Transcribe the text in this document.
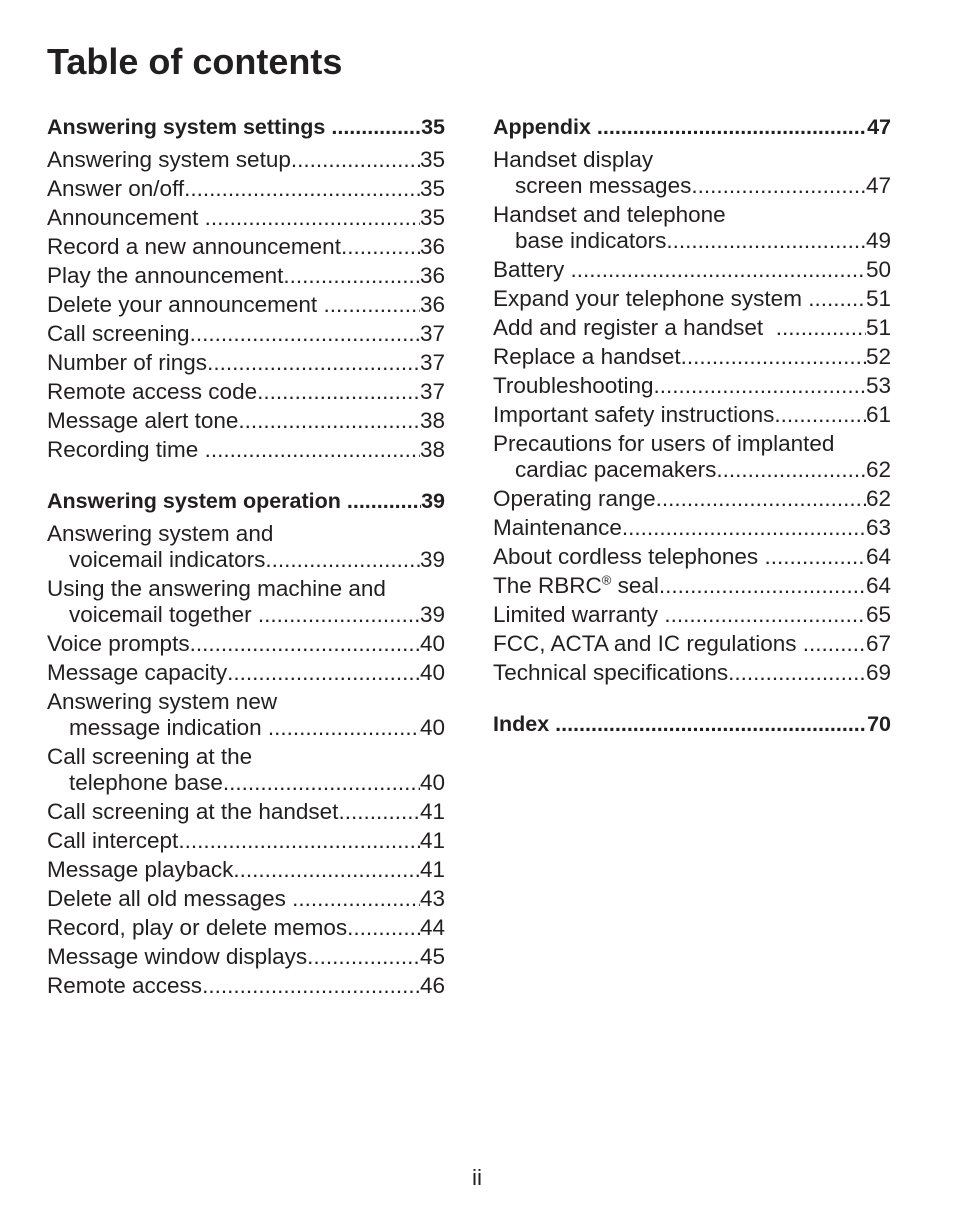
Table of contents
Answering system settings .....	35
Answering system setup .....	35
Answer on/off .....	35
Announcement .....	35
Record a new announcement .....	36
Play the announcement .....	36
Delete your announcement .....	36
Call screening .....	37
Number of rings .....	37
Remote access code .....	37
Message alert tone .....	38
Recording time .....	38
Answering system operation .....	39
Answering system and
voicemail indicators .....	39
Using the answering machine and
voicemail together .....	39
Voice prompts .....	40
Message capacity .....	40
Answering system new
message indication .....	40
Call screening at the
telephone base .....	40
Call screening at the handset .....	41
Call intercept .....	41
Message playback .....	41
Delete all old messages .....	43
Record, play or delete memos .....	44
Message window displays .....	45
Remote access .....	46
Appendix .....	47
Handset display
screen messages .....	47
Handset and telephone
base indicators .....	49
Battery .....	50
Expand your telephone system .....	51
Add and register a handset .....	51
Replace a handset .....	52
Troubleshooting .....	53
Important safety instructions .....	61
Precautions for users of implanted
cardiac pacemakers .....	62
Operating range .....	62
Maintenance .....	63
About cordless telephones .....	64
The RBRC® seal .....	64
Limited warranty .....	65
FCC, ACTA and IC regulations .....	67
Technical specifications .....	69
Index .....	70
ii
